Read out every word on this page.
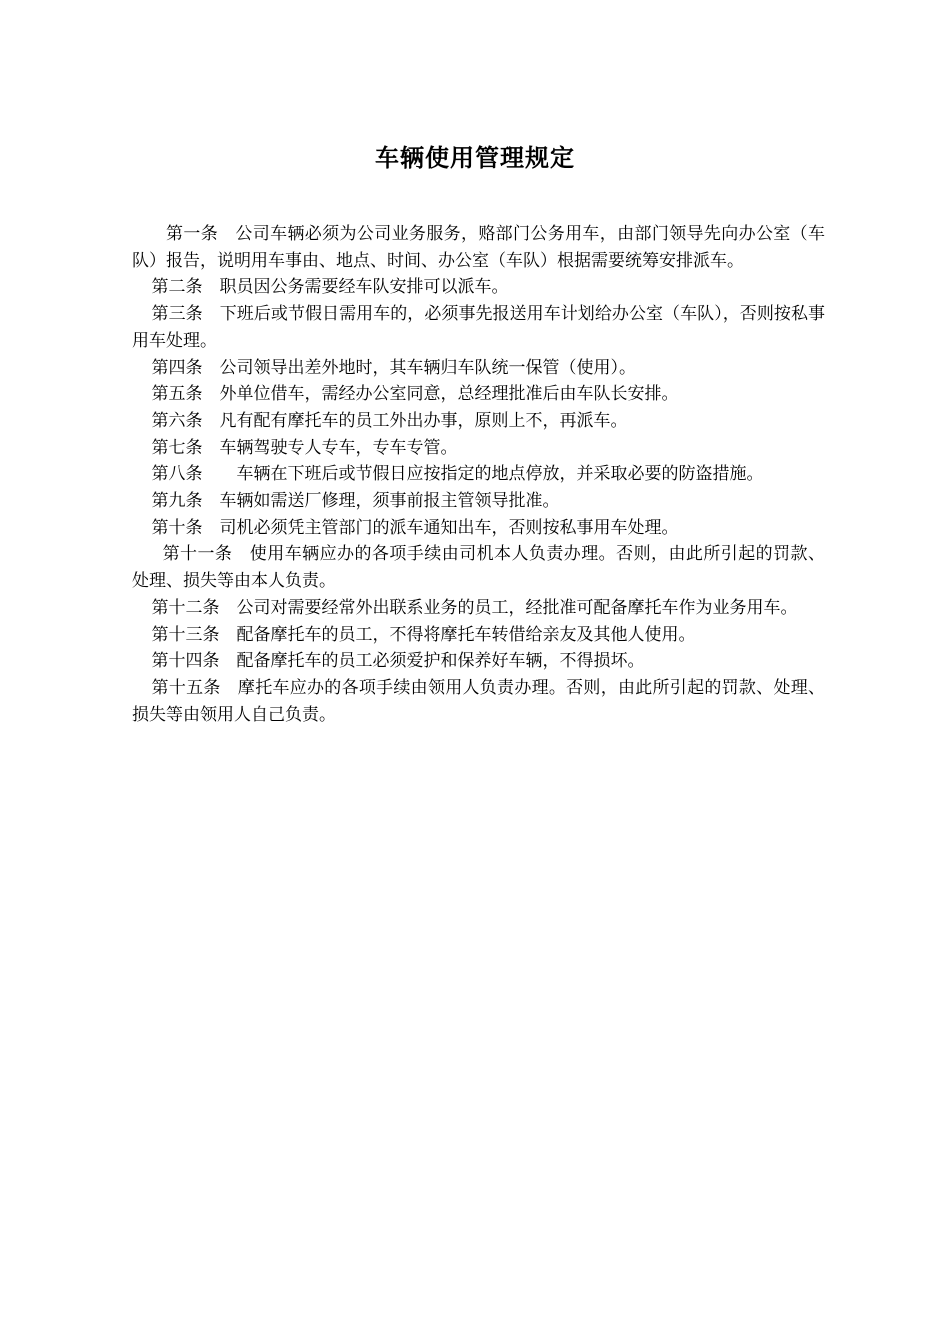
车辆使用管理规定

第一条　公司车辆必须为公司业务服务，赂部门公务用车，由部门领导先向办公室（车队）报告，说明用车事由、地点、时间、办公室（车队）根据需要统筹安排派车。

第二条　职员因公务需要经车队安排可以派车。

第三条　下班后或节假日需用车的，必须事先报送用车计划给办公室（车队），否则按私事用车处理。

第四条　公司领导出差外地时，其车辆归车队统一保管（使用）。

第五条　外单位借车，需经办公室同意，总经理批准后由车队长安排。

第六条　凡有配有摩托车的员工外出办事，原则上不，再派车。

第七条　车辆驾驶专人专车，专车专管。

第八条　　车辆在下班后或节假日应按指定的地点停放，并采取必要的防盗措施。

第九条　车辆如需送厂修理，须事前报主管领导批准。

第十条　司机必须凭主管部门的派车通知出车，否则按私事用车处理。

第十一条　使用车辆应办的各项手续由司机本人负责办理。否则，由此所引起的罚款、处理、损失等由本人负责。

第十二条　公司对需要经常外出联系业务的员工，经批准可配备摩托车作为业务用车。

第十三条　配备摩托车的员工，不得将摩托车转借给亲友及其他人使用。

第十四条　配备摩托车的员工必须爱护和保养好车辆，不得损坏。

第十五条　摩托车应办的各项手续由领用人负责办理。否则，由此所引起的罚款、处理、损失等由领用人自己负责。
